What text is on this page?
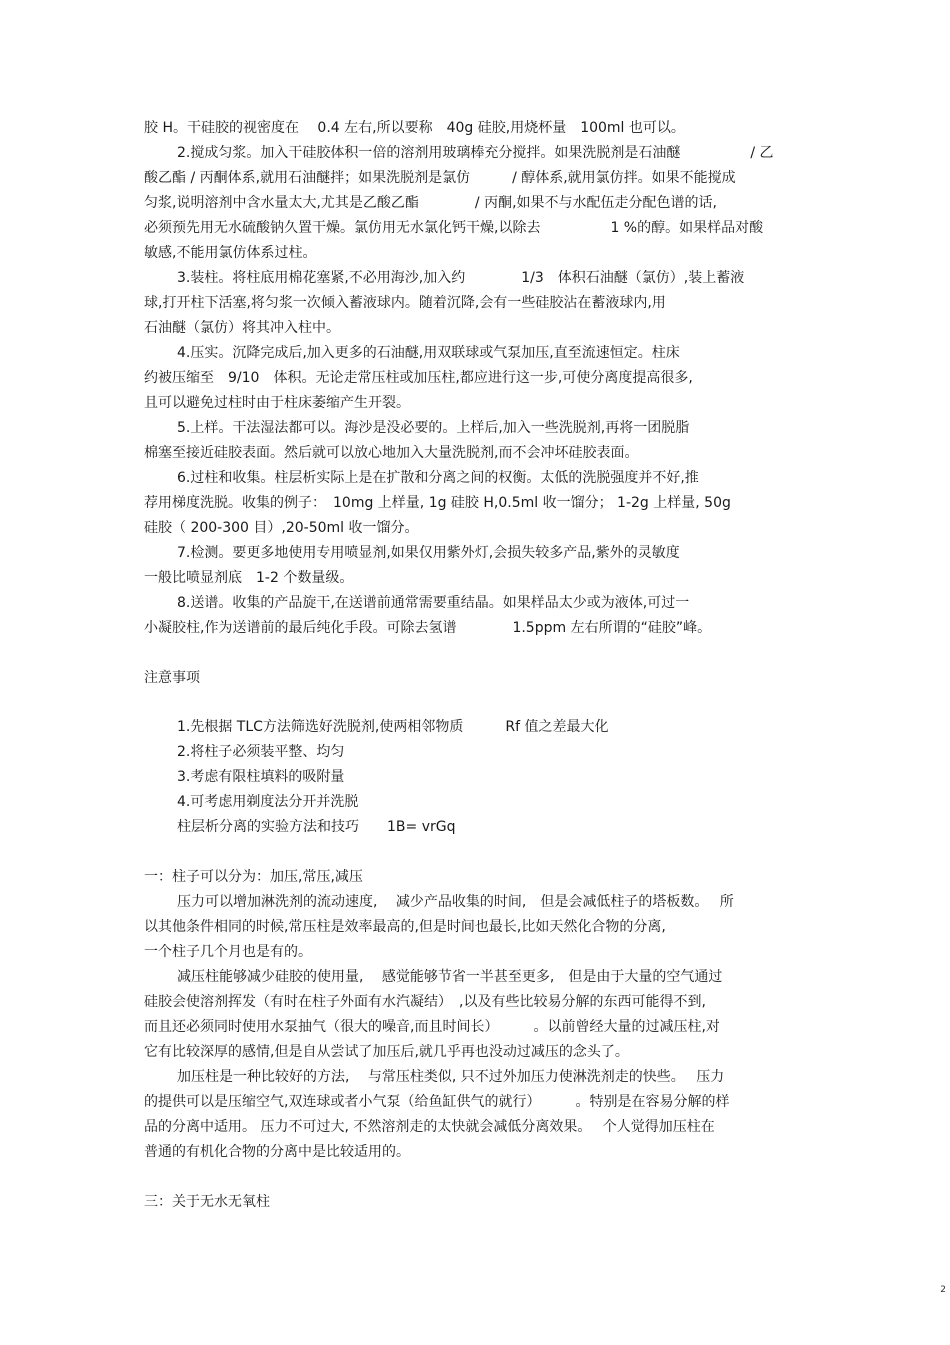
胶 H。干硅胶的视密度在　 0.4 左右,所以要称　40g 硅胶,用烧杯量　100ml 也可以。
2.搅成匀浆。加入干硅胶体积一倍的溶剂用玻璃棒充分搅拌。如果洗脱剂是石油醚　　　　　/ 乙
酸乙酯 / 丙酮体系,就用石油醚拌；如果洗脱剂是氯仿　　　/ 醇体系,就用氯仿拌。如果不能搅成
匀浆,说明溶剂中含水量太大,尤其是乙酸乙酯　　　　/ 丙酮,如果不与水配伍走分配色谱的话,
必须预先用无水硫酸钠久置干燥。氯仿用无水氯化钙干燥,以除去　　　　　1 %的醇。如果样品对酸
敏感,不能用氯仿体系过柱。
3.装柱。将柱底用棉花塞紧,不必用海沙,加入约　　　　1/3　体积石油醚（氯仿）,装上蓄液
球,打开柱下活塞,将匀浆一次倾入蓄液球内。随着沉降,会有一些硅胶沾在蓄液球内,用
石油醚（氯仿）将其冲入柱中。
4.压实。沉降完成后,加入更多的石油醚,用双联球或气泵加压,直至流速恒定。柱床
约被压缩至　9/10　体积。无论走常压柱或加压柱,都应进行这一步,可使分离度提高很多,
且可以避免过柱时由于柱床萎缩产生开裂。
5.上样。干法湿法都可以。海沙是没必要的。上样后,加入一些洗脱剂,再将一团脱脂
棉塞至接近硅胶表面。然后就可以放心地加入大量洗脱剂,而不会冲坏硅胶表面。
6.过柱和收集。柱层析实际上是在扩散和分离之间的权衡。太低的洗脱强度并不好,推
荐用梯度洗脱。收集的例子：　10mg 上样量, 1g 硅胶 H,0.5ml 收一馏分； 1-2g 上样量, 50g
硅胶（ 200-300 目）,20-50ml 收一馏分。
7.检测。要更多地使用专用喷显剂,如果仅用紫外灯,会损失较多产品,紫外的灵敏度
一般比喷显剂底　1-2 个数量级。
8.送谱。收集的产品旋干,在送谱前通常需要重结晶。如果样品太少或为液体,可过一
小凝胶柱,作为送谱前的最后纯化手段。可除去氢谱　　　　1.5ppm 左右所谓的“硅胶”峰。
注意事项
1.先根据 TLC方法筛选好洗脱剂,使两相邻物质　　　Rf 值之差最大化
2.将柱子必须装平整、均匀
3.考虑有限柱填料的吸附量
4.可考虑用剃度法分开并洗脱
柱层析分离的实验方法和技巧　　1B= vrGq
一：柱子可以分为：加压,常压,减压
压力可以增加淋洗剂的流动速度,　 减少产品收集的时间,　但是会减低柱子的塔板数。　 所
以其他条件相同的时候,常压柱是效率最高的,但是时间也最长,比如天然化合物的分离,
一个柱子几个月也是有的。
减压柱能够减少硅胶的使用量,　 感觉能够节省一半甚至更多,　但是由于大量的空气通过
硅胶会使溶剂挥发（有时在柱子外面有水汽凝结）　,以及有些比较易分解的东西可能得不到,
而且还必须同时使用水泵抽气（很大的噪音,而且时间长）　　　。以前曾经大量的过减压柱,对
它有比较深厚的感情,但是自从尝试了加压后,就几乎再也没动过减压的念头了。
加压柱是一种比较好的方法,　 与常压柱类似, 只不过外加压力使淋洗剂走的快些。　 压力
的提供可以是压缩空气,双连球或者小气泵（给鱼缸供气的就行）　　　。特别是在容易分解的样
品的分离中适用。 压力不可过大, 不然溶剂走的太快就会减低分离效果。　 个人觉得加压柱在
普通的有机化合物的分离中是比较适用的。
三：关于无水无氧柱
2
